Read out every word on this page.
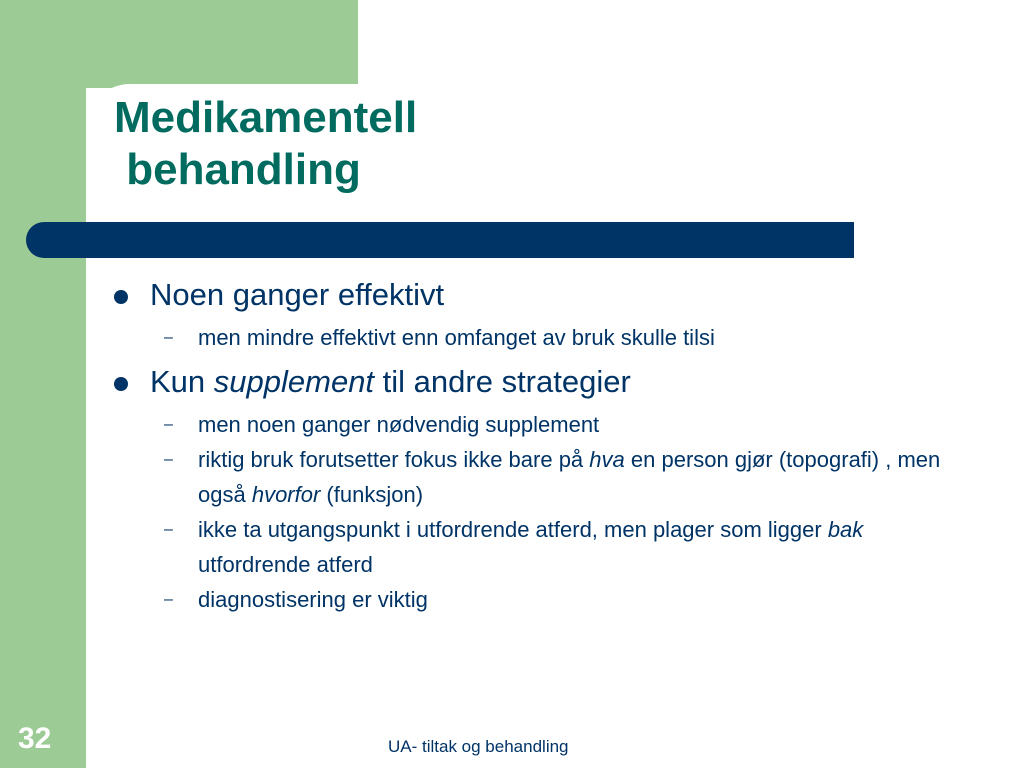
Medikamentell
behandling
Noen ganger effektivt
–	men mindre effektivt enn omfanget av bruk skulle tilsi
Kun supplement til andre strategier
–	men noen ganger nødvendig supplement
–	riktig bruk forutsetter fokus ikke bare på hva en person gjør (topografi) , men også hvorfor (funksjon)
–	ikke ta utgangspunkt i utfordrende atferd, men plager som ligger bak utfordrende atferd
–	diagnostisering er viktig
32	UA- tiltak og behandling
